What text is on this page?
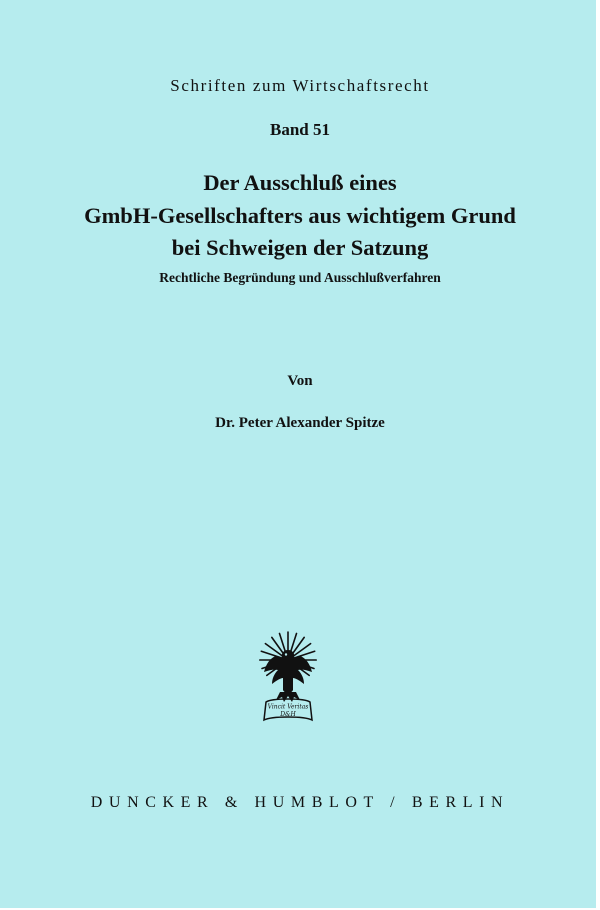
Schriften zum Wirtschaftsrecht
Band 51
Der Ausschluß eines
GmbH-Gesellschafters aus wichtigem Grund
bei Schweigen der Satzung
Rechtliche Begründung und Ausschlußverfahren
Von
Dr. Peter Alexander Spitze
Vincit Veritas
D&H
DUNCKER & HUMBLOT / BERLIN
